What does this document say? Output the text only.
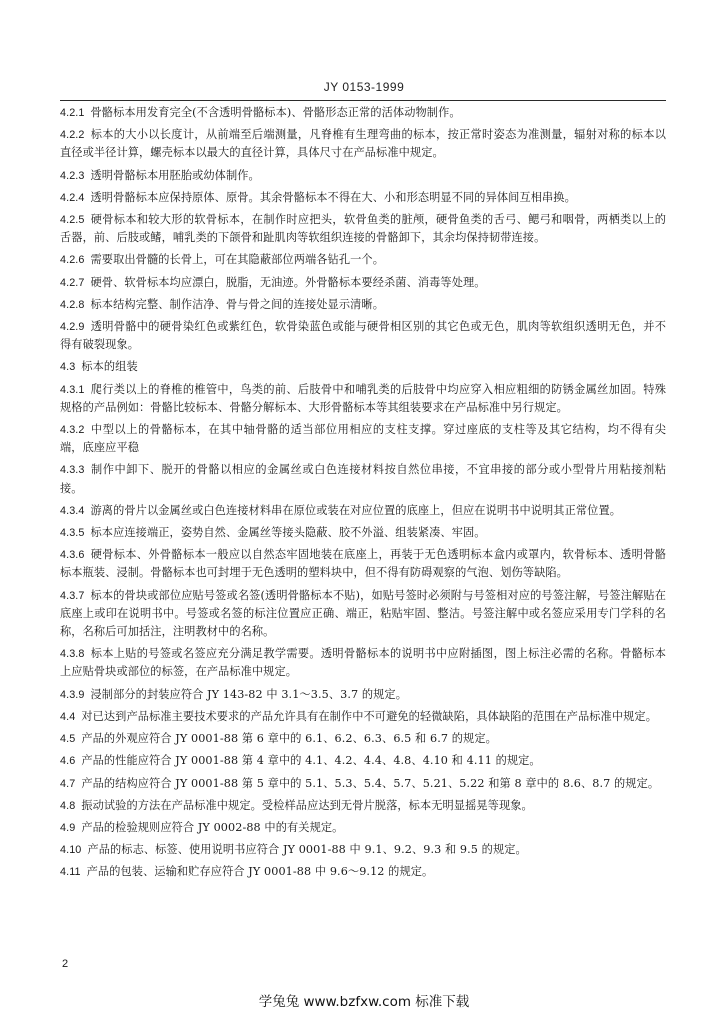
JY 0153-1999

4.2.1 骨骼标本用发育完全(不含透明骨骼标本)、骨骼形态正常的活体动物制作。

4.2.2 标本的大小以长度计，从前端至后端测量，凡脊椎有生理弯曲的标本，按正常时姿态为准测量，辐射对称的标本以直径或半径计算，螺壳标本以最大的直径计算，具体尺寸在产品标准中规定。

4.2.3 透明骨骼标本用胚胎或幼体制作。

4.2.4 透明骨骼标本应保持原体、原骨。其余骨骼标本不得在大、小和形态明显不同的异体间互相串换。

4.2.5 硬骨标本和较大形的软骨标本，在制作时应把头，软骨鱼类的脏颅，硬骨鱼类的舌弓、鳃弓和咽骨，两栖类以上的舌器，前、后肢或鳍，哺乳类的下颌骨和趾肌肉等软组织连接的骨骼卸下，其余均保持韧带连接。

4.2.6 需要取出骨髓的长骨上，可在其隐蔽部位两端各钻孔一个。

4.2.7 硬骨、软骨标本均应漂白，脱脂，无油迹。外骨骼标本要经杀菌、消毒等处理。

4.2.8 标本结构完整、制作洁净、骨与骨之间的连接处显示清晰。

4.2.9 透明骨骼中的硬骨染红色或紫红色，软骨染蓝色或能与硬骨相区别的其它色或无色，肌肉等软组织透明无色，并不得有破裂现象。

4.3 标本的组装

4.3.1 爬行类以上的脊椎的椎管中，鸟类的前、后肢骨中和哺乳类的后肢骨中均应穿入相应粗细的防锈金属丝加固。特殊规格的产品例如：骨骼比较标本、骨骼分解标本、大形骨骼标本等其组装要求在产品标准中另行规定。

4.3.2 中型以上的骨骼标本，在其中轴骨骼的适当部位用相应的支柱支撑。穿过座底的支柱等及其它结构，均不得有尖端，底座应平稳

4.3.3 制作中卸下、脱开的骨骼以相应的金属丝或白色连接材料按自然位串接，不宜串接的部分或小型骨片用粘接剂粘接。

4.3.4 游离的骨片以金属丝或白色连接材料串在原位或装在对应位置的底座上，但应在说明书中说明其正常位置。

4.3.5 标本应连接端正，姿势自然、金属丝等接头隐蔽、胶不外溢、组装紧凑、牢固。

4.3.6 硬骨标本、外骨骼标本一般应以自然态牢固地装在底座上，再装于无色透明标本盒内或罩内，软骨标本、透明骨骼标本瓶装、浸制。骨骼标本也可封埋于无色透明的塑料块中，但不得有防碍观察的气泡、划伤等缺陷。

4.3.7 标本的骨块或部位应贴号签或名签(透明骨骼标本不贴)，如贴号签时必须附与号签相对应的号签注解，号签注解贴在底座上或印在说明书中。号签或名签的标注位置应正确、端正，粘贴牢固、整洁。号签注解中或名签应采用专门学科的名称，名称后可加括注，注明教材中的名称。

4.3.8 标本上贴的号签或名签应充分满足教学需要。透明骨骼标本的说明书中应附插图，图上标注必需的名称。骨骼标本上应贴骨块或部位的标签，在产品标准中规定。

4.3.9 浸制部分的封装应符合 JY 143-82 中 3.1～3.5、3.7 的规定。

4.4 对已达到产品标准主要技术要求的产品允许具有在制作中不可避免的轻微缺陷，具体缺陷的范围在产品标准中规定。

4.5 产品的外观应符合 JY 0001-88 第 6 章中的 6.1、6.2、6.3、6.5 和 6.7 的规定。

4.6 产品的性能应符合 JY 0001-88 第 4 章中的 4.1、4.2、4.4、4.8、4.10 和 4.11 的规定。

4.7 产品的结构应符合 JY 0001-88 第 5 章中的 5.1、5.3、5.4、5.7、5.21、5.22 和第 8 章中的 8.6、8.7 的规定。

4.8 振动试验的方法在产品标准中规定。受检样品应达到无骨片脱落，标本无明显摇晃等现象。

4.9 产品的检验规则应符合 JY 0002-88 中的有关规定。

4.10 产品的标志、标签、使用说明书应符合 JY 0001-88 中 9.1、9.2、9.3 和 9.5 的规定。

4.11 产品的包装、运输和贮存应符合 JY 0001-88 中 9.6～9.12 的规定。

2
学兔兔 www.bzfxw.com 标准下载
